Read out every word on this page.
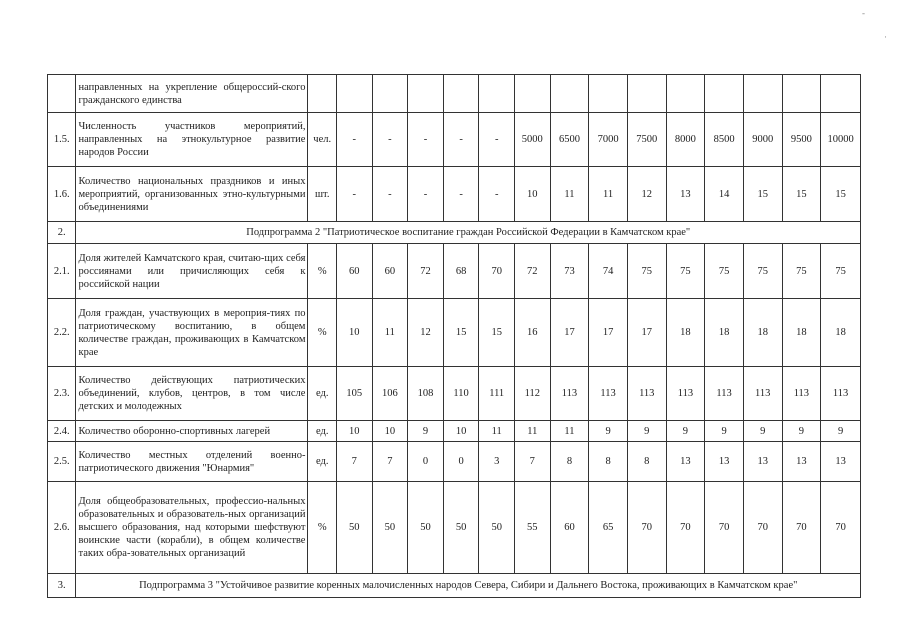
-
·
	направленных на укрепление общероссий-ского гражданского единства															
1.5.	Численность участников мероприятий, направленных на этнокультурное развитие народов России	чел.	-	-	-	-	-	5000	6500	7000	7500	8000	8500	9000	9500	10000
1.6.	Количество национальных праздников и иных мероприятий, организованных этно-культурными объединениями	шт.	-	-	-	-	-	10	11	11	12	13	14	15	15	15
2.	Подпрограмма 2 "Патриотическое воспитание граждан Российской Федерации в Камчатском крае"															
2.1.	Доля жителей Камчатского края, считаю-щих себя россиянами или причисляющих себя к российской нации	%	60	60	72	68	70	72	73	74	75	75	75	75	75	75
2.2.	Доля граждан, участвующих в мероприя-тиях по патриотическому воспитанию, в общем количестве граждан, проживающих в Камчатском крае	%	10	11	12	15	15	16	17	17	17	18	18	18	18	18
2.3.	Количество действующих патриотических объединений, клубов, центров, в том числе детских и молодежных	ед.	105	106	108	110	111	112	113	113	113	113	113	113	113	113
2.4.	Количество оборонно-спортивных лагерей	ед.	10	10	9	10	11	11	11	9	9	9	9	9	9	9
2.5.	Количество местных отделений военно-патриотического движения "Юнармия"	ед.	7	7	0	0	3	7	8	8	8	13	13	13	13	13
2.6.	Доля общеобразовательных, профессио-нальных образовательных и образователь-ных организаций высшего образования, над которыми шефствуют воинские части (корабли), в общем количестве таких обра-зовательных организаций	%	50	50	50	50	50	55	60	65	70	70	70	70	70	70
3.	Подпрограмма 3 "Устойчивое развитие коренных малочисленных народов Севера, Сибири и Дальнего Востока, проживающих в Камчатском крае"															
